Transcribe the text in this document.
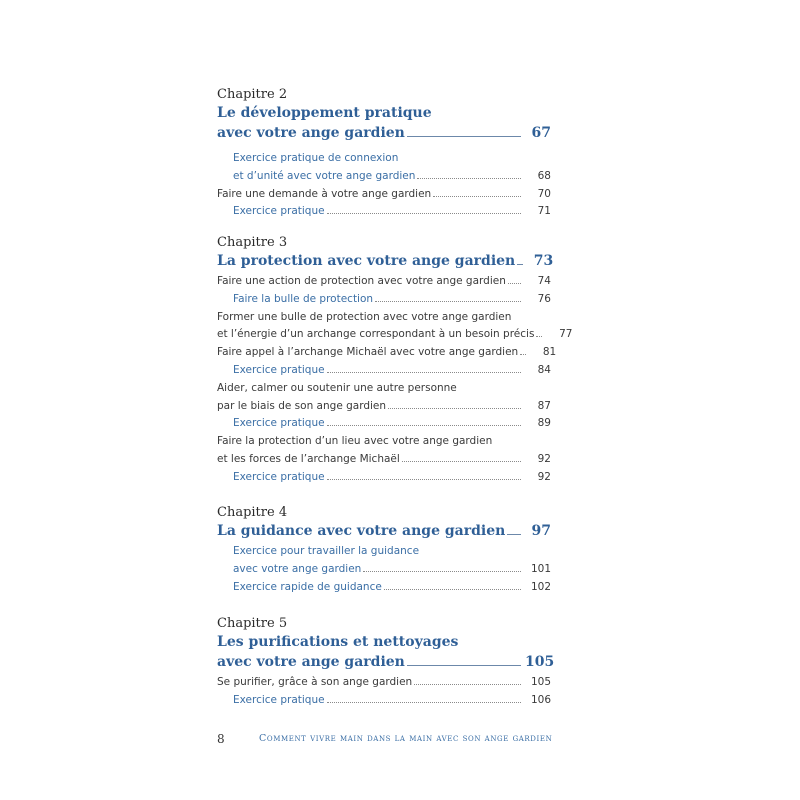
Chapitre 2
Le développement pratique
avec votre ange gardien	67
Exercice pratique de connexion
et d’unité avec votre ange gardien	68
Faire une demande à votre ange gardien	70
Exercice pratique	71
Chapitre 3
La protection avec votre ange gardien	73
Faire une action de protection avec votre ange gardien	74
Faire la bulle de protection	76
Former une bulle de protection avec votre ange gardien
et l’énergie d’un archange correspondant à un besoin précis	77
Faire appel à l’archange Michaël avec votre ange gardien	81
Exercice pratique	84
Aider, calmer ou soutenir une autre personne
par le biais de son ange gardien	87
Exercice pratique	89
Faire la protection d’un lieu avec votre ange gardien
et les forces de l’archange Michaël	92
Exercice pratique	92
Chapitre 4
La guidance avec votre ange gardien	97
Exercice pour travailler la guidance
avec votre ange gardien	101
Exercice rapide de guidance	102
Chapitre 5
Les purifications et nettoyages
avec votre ange gardien	105
Se purifier, grâce à son ange gardien	105
Exercice pratique	106
8	Comment vivre main dans la main avec son ange gardien
